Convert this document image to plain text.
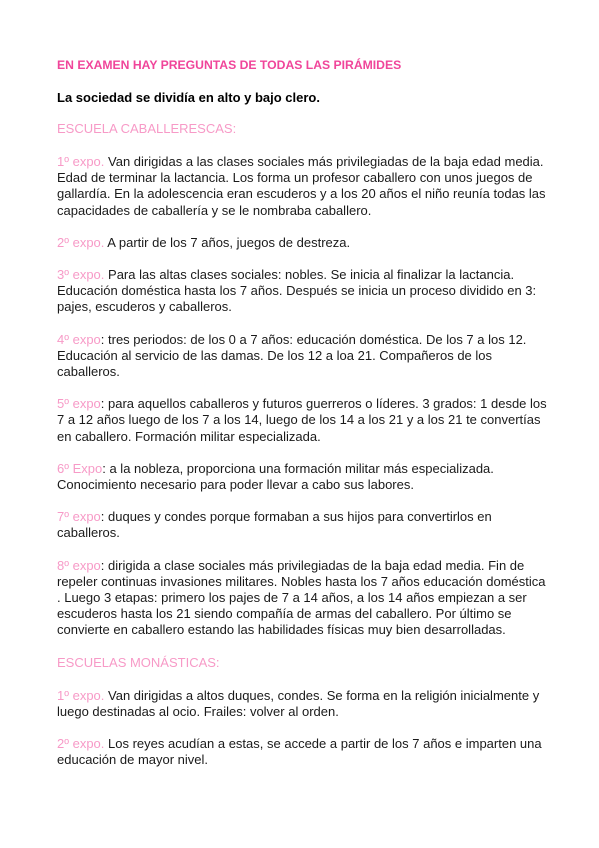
EN EXAMEN HAY PREGUNTAS DE TODAS LAS PIRÁMIDES
La sociedad se dividía en alto y bajo clero.
ESCUELA CABALLERESCAS:

1º expo. Van dirigidas a las clases sociales más privilegiadas de la baja edad media. Edad de terminar la lactancia. Los forma un profesor caballero con unos juegos de gallardía. En la adolescencia eran escuderos y a los 20 años el niño reunía todas las capacidades de caballería y se le nombraba caballero.

2º expo. A partir de los 7 años, juegos de destreza.

3º expo. Para las altas clases sociales: nobles. Se inicia al finalizar la lactancia. Educación doméstica hasta los 7 años. Después se inicia un proceso dividido en 3: pajes, escuderos y caballeros.

4º expo: tres periodos: de los 0 a 7 años: educación doméstica. De los 7 a los 12. Educación al servicio de las damas. De los 12 a loa 21. Compañeros de los caballeros.

5º expo: para aquellos caballeros y futuros guerreros o líderes. 3 grados: 1 desde los 7 a 12 años luego de los 7 a los 14, luego de los 14 a los 21 y a los 21 te convertías en caballero. Formación militar especializada.

6º Expo: a la nobleza, proporciona una formación militar más especializada. Conocimiento necesario para poder llevar a cabo sus labores.

7º expo: duques y condes porque formaban a sus hijos para convertirlos en caballeros.

8º expo: dirigida a clase sociales más privilegiadas de la baja edad media. Fin de repeler continuas invasiones militares. Nobles hasta los 7 años educación doméstica . Luego 3 etapas: primero los pajes de 7 a 14 años, a los 14 años empiezan a ser escuderos hasta los 21 siendo compañía de armas del caballero. Por último se convierte en caballero estando las habilidades físicas muy bien desarrolladas.

ESCUELAS MONÁSTICAS:

1º expo. Van dirigidas a altos duques, condes. Se forma en la religión inicialmente y luego destinadas al ocio. Frailes: volver al orden.

2º expo. Los reyes acudían a estas, se accede a partir de los 7 años e imparten una educación de mayor nivel.
